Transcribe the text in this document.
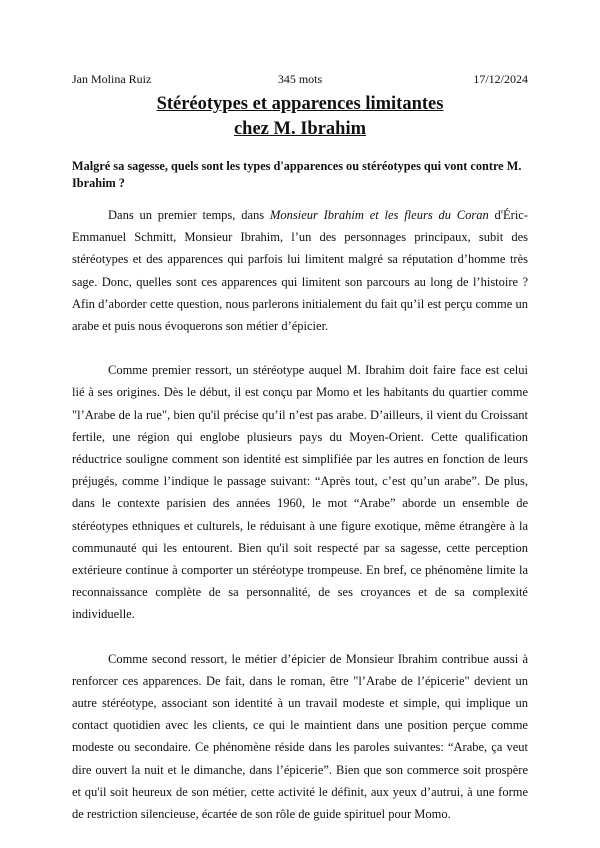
Jan Molina Ruiz	345 mots	17/12/2024
Stéréotypes et apparences limitantes
chez M. Ibrahim
Malgré sa sagesse, quels sont les types d'apparences ou stéréotypes qui vont contre M. Ibrahim ?

Dans un premier temps, dans Monsieur Ibrahim et les fleurs du Coran d'Éric-Emmanuel Schmitt, Monsieur Ibrahim, l’un des personnages principaux, subit des stéréotypes et des apparences qui parfois lui limitent malgré sa réputation d’homme très sage. Donc, quelles sont ces apparences qui limitent son parcours au long de l’histoire ? Afin d’aborder cette question, nous parlerons initialement du fait qu’il est perçu comme un arabe et puis nous évoquerons son métier d’épicier.

Comme premier ressort, un stéréotype auquel M. Ibrahim doit faire face est celui lié à ses origines. Dès le début, il est conçu par Momo et les habitants du quartier comme "l’Arabe de la rue", bien qu'il précise qu’il n’est pas arabe. D’ailleurs, il vient du Croissant fertile, une région qui englobe plusieurs pays du Moyen-Orient. Cette qualification réductrice souligne comment son identité est simplifiée par les autres en fonction de leurs préjugés, comme l’indique le passage suivant: “Après tout, c’est qu’un arabe”. De plus, dans le contexte parisien des années 1960, le mot “Arabe” aborde un ensemble de stéréotypes ethniques et culturels, le réduisant à une figure exotique, même étrangère à la communauté qui les entourent. Bien qu'il soit respecté par sa sagesse, cette perception extérieure continue à comporter un stéréotype trompeuse. En bref, ce phénomène limite la reconnaissance complète de sa personnalité, de ses croyances et de sa complexité individuelle.

Comme second ressort, le métier d’épicier de Monsieur Ibrahim contribue aussi à renforcer ces apparences. De fait, dans le roman, être "l’Arabe de l’épicerie" devient un autre stéréotype, associant son identité à un travail modeste et simple, qui implique un contact quotidien avec les clients, ce qui le maintient dans une position perçue comme modeste ou secondaire. Ce phénomène réside dans les paroles suivantes: “Arabe, ça veut dire ouvert la nuit et le dimanche, dans l’épicerie”. Bien que son commerce soit prospère et qu'il soit heureux de son métier, cette activité le définit, aux yeux d’autrui, à une forme de restriction silencieuse, écartée de son rôle de guide spirituel pour Momo.
